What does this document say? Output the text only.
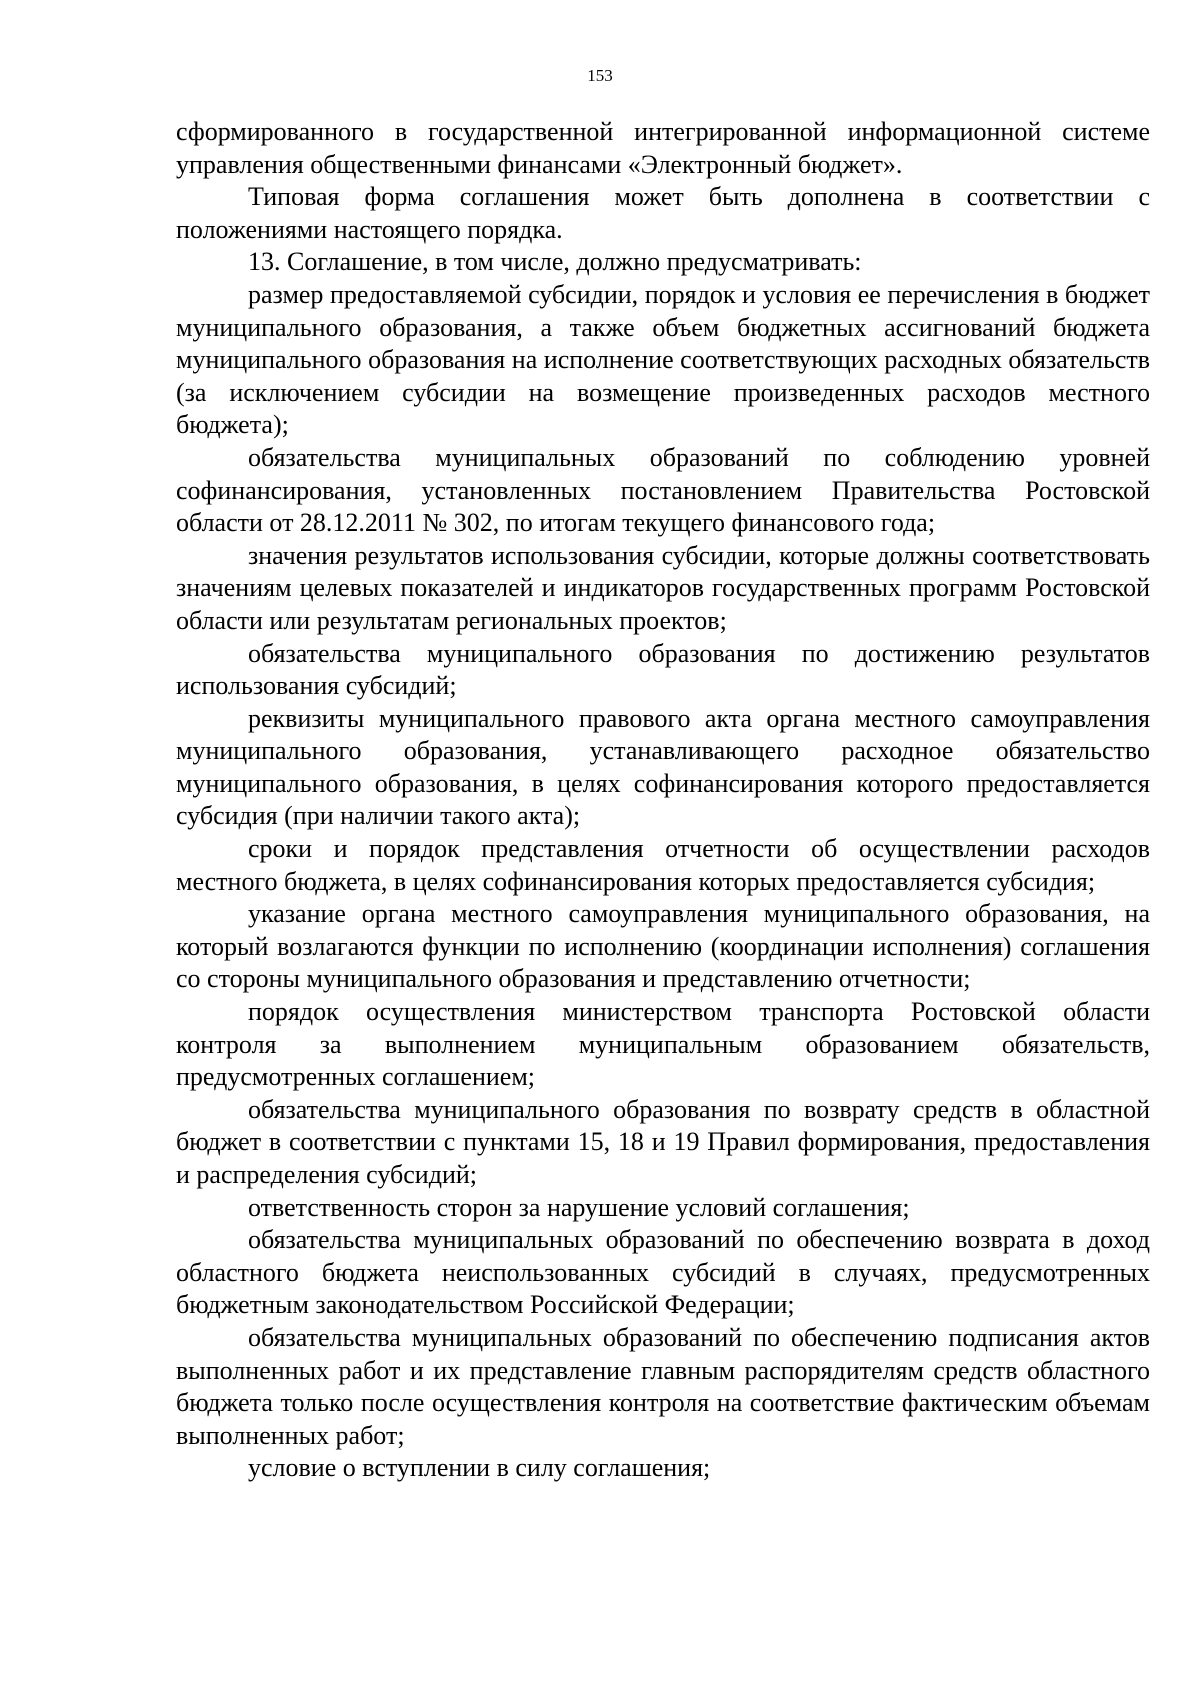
153

сформированного в государственной интегрированной информационной системе управления общественными финансами «Электронный бюджет».

Типовая форма соглашения может быть дополнена в соответствии с положениями настоящего порядка.

13. Соглашение, в том числе, должно предусматривать:

размер предоставляемой субсидии, порядок и условия ее перечисления в бюджет муниципального образования, а также объем бюджетных ассигнований бюджета муниципального образования на исполнение соответствующих расходных обязательств (за исключением субсидии на возмещение произведенных расходов местного бюджета);

обязательства муниципальных образований по соблюдению уровней софинансирования, установленных постановлением Правительства Ростовской области от 28.12.2011 № 302, по итогам текущего финансового года;

значения результатов использования субсидии, которые должны соответствовать значениям целевых показателей и индикаторов государственных программ Ростовской области или результатам региональных проектов;

обязательства муниципального образования по достижению результатов использования субсидий;

реквизиты муниципального правового акта органа местного самоуправления муниципального образования, устанавливающего расходное обязательство муниципального образования, в целях софинансирования которого предоставляется субсидия (при наличии такого акта);

сроки и порядок представления отчетности об осуществлении расходов местного бюджета, в целях софинансирования которых предоставляется субсидия;

указание органа местного самоуправления муниципального образования, на который возлагаются функции по исполнению (координации исполнения) соглашения со стороны муниципального образования и представлению отчетности;

порядок осуществления министерством транспорта Ростовской области контроля за выполнением муниципальным образованием обязательств, предусмотренных соглашением;

обязательства муниципального образования по возврату средств в областной бюджет в соответствии с пунктами 15, 18 и 19 Правил формирования, предоставления и распределения субсидий;

ответственность сторон за нарушение условий соглашения;

обязательства муниципальных образований по обеспечению возврата в доход областного бюджета неиспользованных субсидий в случаях, предусмотренных бюджетным законодательством Российской Федерации;

обязательства муниципальных образований по обеспечению подписания актов выполненных работ и их представление главным распорядителям средств областного бюджета только после осуществления контроля на соответствие фактическим объемам выполненных работ;

условие о вступлении в силу соглашения;
